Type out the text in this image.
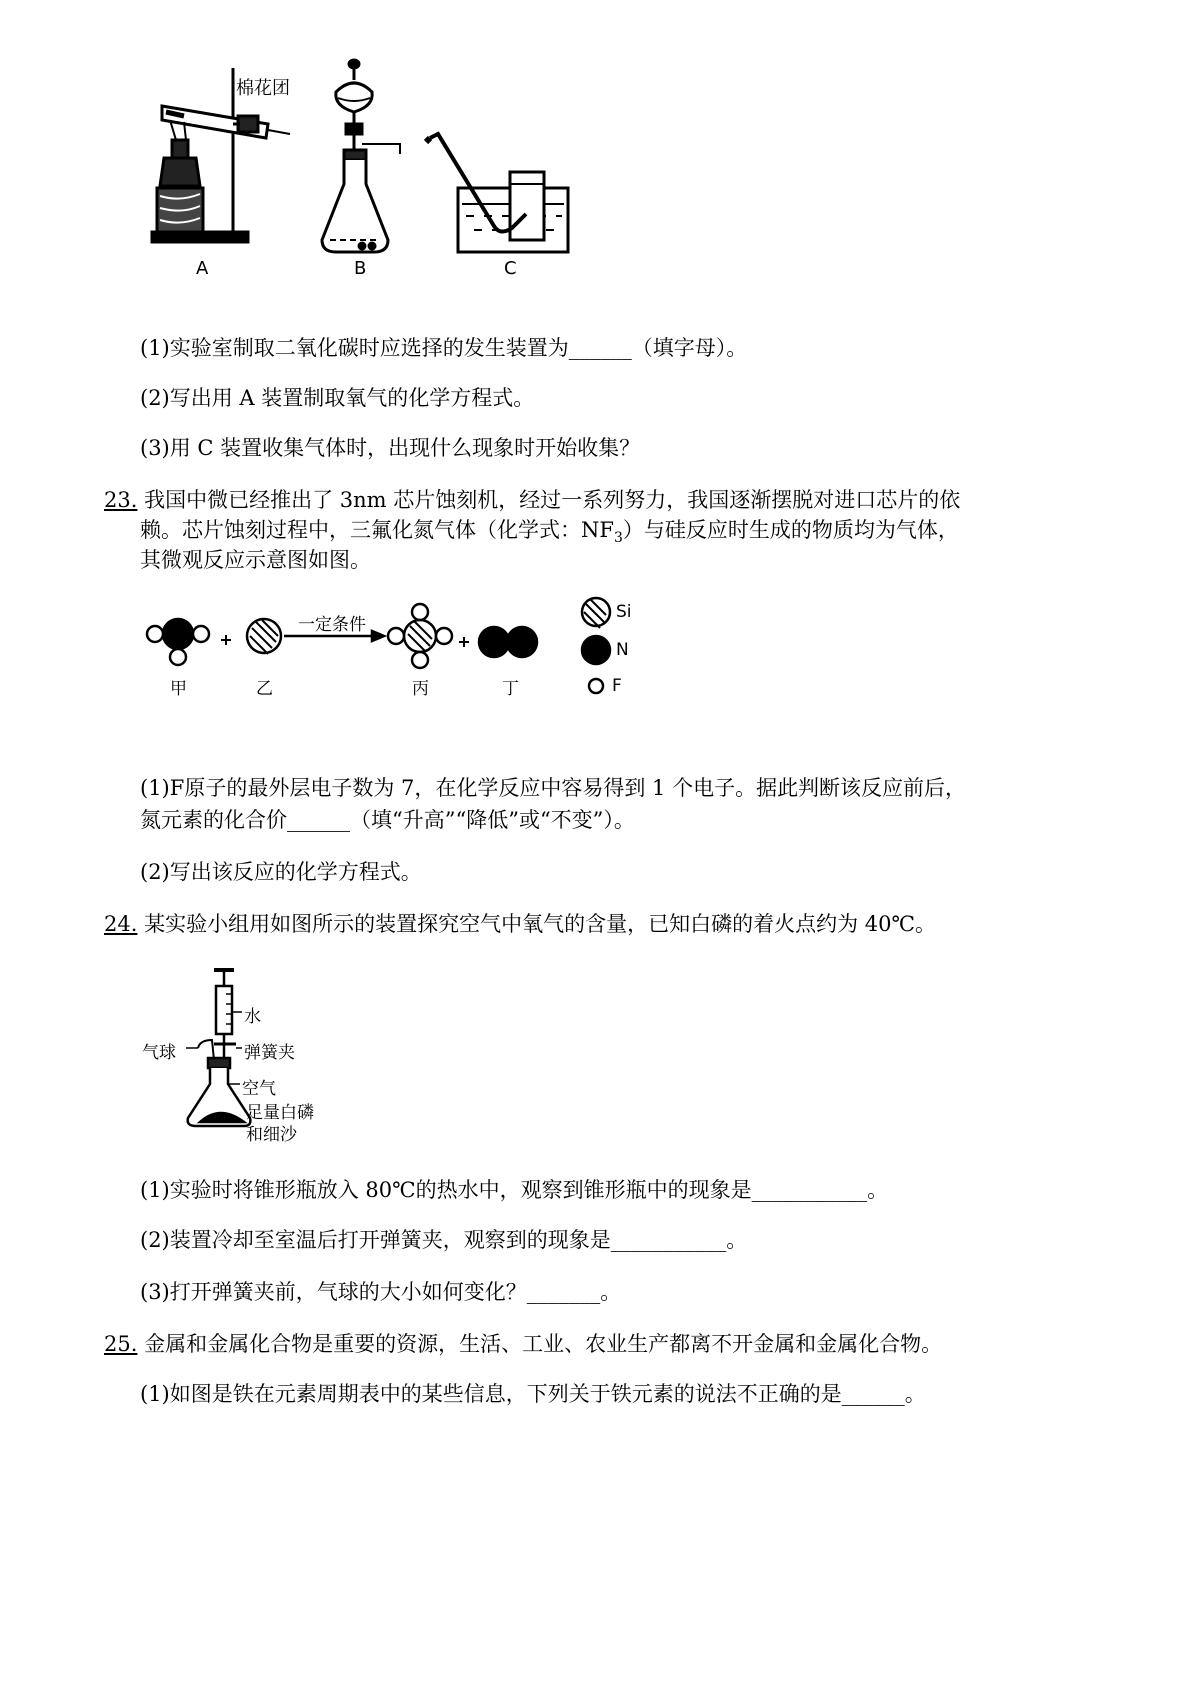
棉花团
A	B	C
(1)实验室制取二氧化碳时应选择的发生装置为______（填字母）。
(2)写出用 A 装置制取氧气的化学方程式。
(3)用 C 装置收集气体时，出现什么现象时开始收集？
23. 我国中微已经推出了 3nm 芯片蚀刻机，经过一系列努力，我国逐渐摆脱对进口芯片的依
赖。芯片蚀刻过程中，三氟化氮气体（化学式：$NF_3$）与硅反应时生成的物质均为气体，
其微观反应示意图如图。
一定条件
甲	乙	丙	丁
Si
N
F
(1)F原子的最外层电子数为 7，在化学反应中容易得到 1 个电子。据此判断该反应前后，
氮元素的化合价______（填“升高”“降低”或“不变”）。
(2)写出该反应的化学方程式。
24. 某实验小组用如图所示的装置探究空气中氧气的含量，已知白磷的着火点约为 40℃。
水
气球	弹簧夹
空气
足量白磷
和细沙
(1)实验时将锥形瓶放入 80℃的热水中，观察到锥形瓶中的现象是___________。
(2)装置冷却至室温后打开弹簧夹，观察到的现象是___________。
(3)打开弹簧夹前，气球的大小如何变化？_______。
25. 金属和金属化合物是重要的资源，生活、工业、农业生产都离不开金属和金属化合物。
(1)如图是铁在元素周期表中的某些信息，下列关于铁元素的说法不正确的是______。
